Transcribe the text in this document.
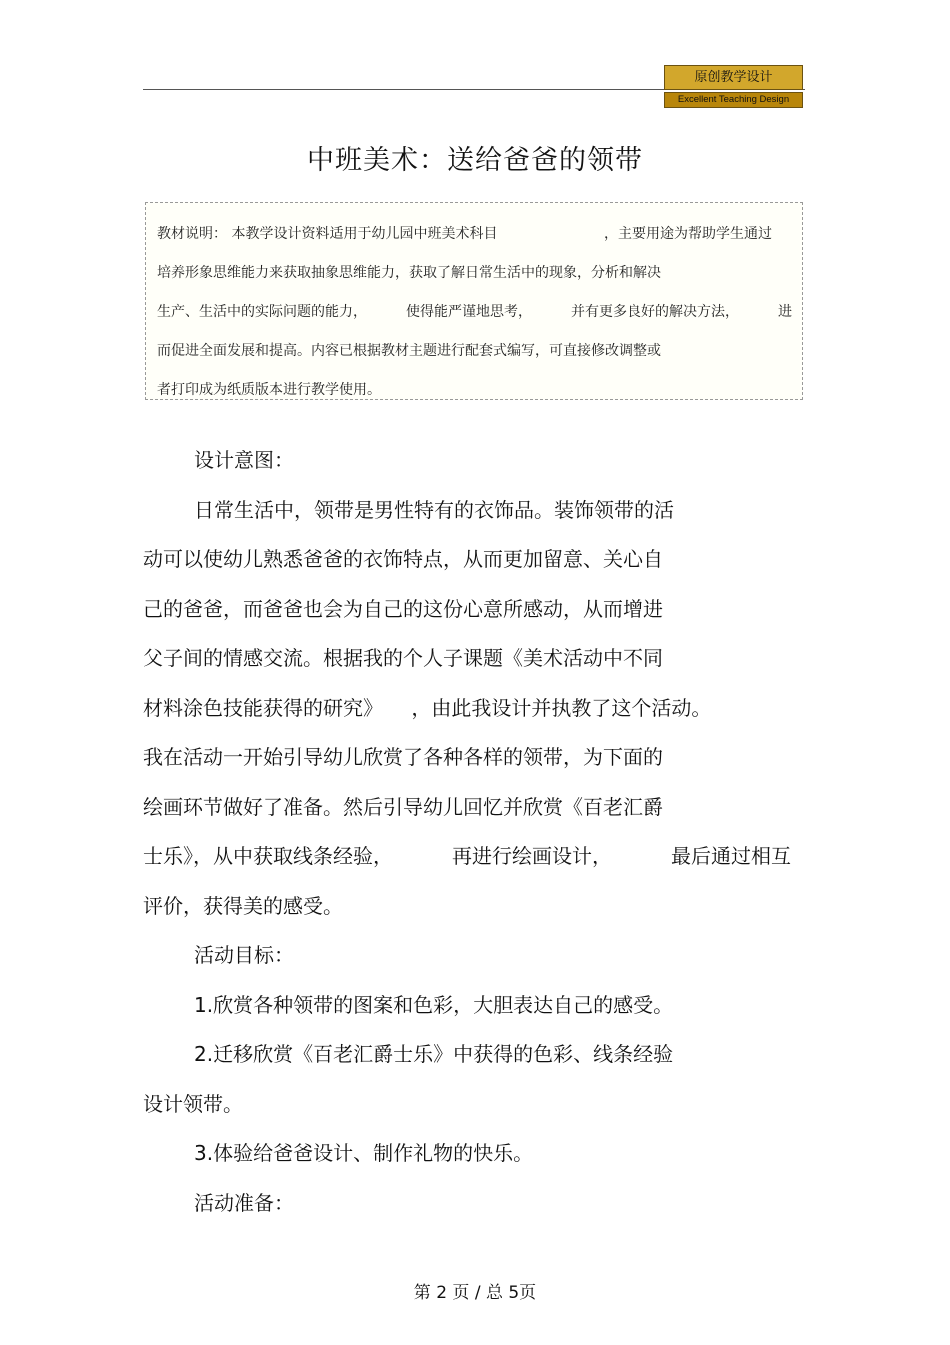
原创教学设计
Excellent Teaching Design
中班美术：送给爸爸的领带
教材说明： 本教学设计资料适用于幼儿园中班美术科目	，主要用途为帮助学生通过
培养形象思维能力来获取抽象思维能力，获取了解日常生活中的现象，分析和解决
生产、生活中的实际问题的能力，	使得能严谨地思考，	并有更多良好的解决方法，	进
而促进全面发展和提高。内容已根据教材主题进行配套式编写，可直接修改调整或
者打印成为纸质版本进行教学使用。
设计意图：
日常生活中，领带是男性特有的衣饰品。装饰领带的活
动可以使幼儿熟悉爸爸的衣饰特点，从而更加留意、关心自
己的爸爸，而爸爸也会为自己的这份心意所感动，从而增进
父子间的情感交流。根据我的个人子课题《美术活动中不同
材料涂色技能获得的研究》 ，由此我设计并执教了这个活动。
我在活动一开始引导幼儿欣赏了各种各样的领带，为下面的
绘画环节做好了准备。然后引导幼儿回忆并欣赏《百老汇爵
士乐》，从中获取线条经验，	再进行绘画设计，	最后通过相互
评价，获得美的感受。
活动目标：
1.欣赏各种领带的图案和色彩，大胆表达自己的感受。
2.迁移欣赏《百老汇爵士乐》中获得的色彩、线条经验
设计领带。
3.体验给爸爸设计、制作礼物的快乐。
活动准备：
第 2 页 / 总 5页
